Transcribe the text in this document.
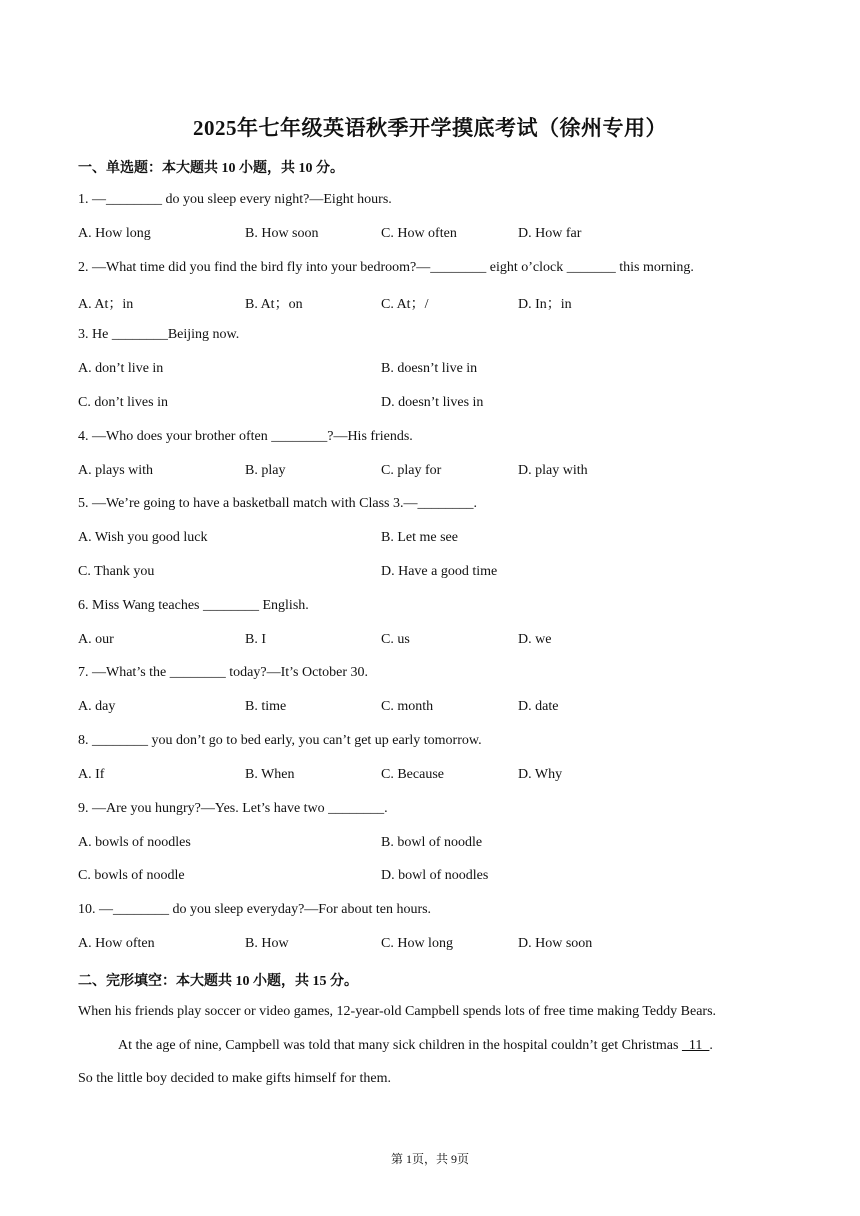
2025年七年级英语秋季开学摸底考试（徐州专用）
一、单选题：本大题共 10 小题，共 10 分。
1. —________ do you sleep every night?—Eight hours.
A. How long	B. How soon	C. How often	D. How far
2. —What time did you find the bird fly into your bedroom?—________ eight o’clock _______ this morning.
A. At；in	B. At；on	C. At；/	D. In；in
3. He ________Beijing now.
A. don’t live in	B. doesn’t live in
C. don’t lives in	D. doesn’t lives in
4. —Who does your brother often ________?—His friends.
A. plays with	B. play	C. play for	D. play with
5. —We’re going to have a basketball match with Class 3.—________.
A. Wish you good luck	B. Let me see
C. Thank you	D. Have a good time
6. Miss Wang teaches ________ English.
A. our	B. I	C. us	D. we
7. —What’s the ________ today?—It’s October 30.
A. day	B. time	C. month	D. date
8. ________ you don’t go to bed early, you can’t get up early tomorrow.
A. If	B. When	C. Because	D. Why
9. —Are you hungry?—Yes. Let’s have two ________.
A. bowls of noodles	B. bowl of noodle
C. bowls of noodle	D. bowl of noodles
10. —________ do you sleep everyday?—For about ten hours.
A. How often	B. How	C. How long	D. How soon
二、完形填空：本大题共 10 小题，共 15 分。
When his friends play soccer or video games, 12-year-old Campbell spends lots of free time making Teddy Bears.
At the age of nine, Campbell was told that many sick children in the hospital couldn’t get Christmas   11  .
So the little boy decided to make gifts himself for them.
第 1页，共 9页
